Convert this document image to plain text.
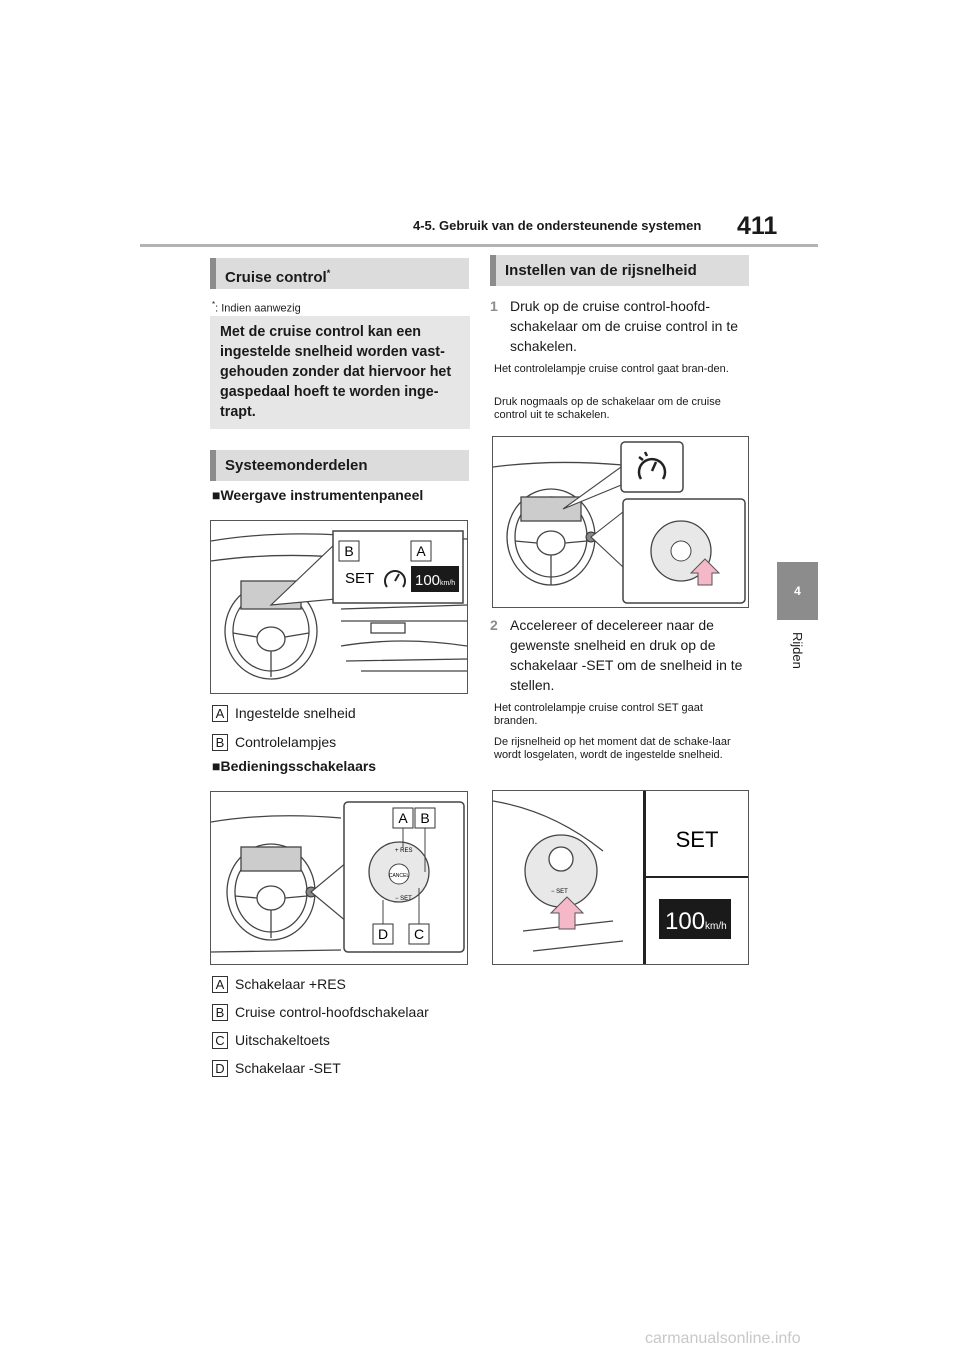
4-5. Gebruik van de ondersteunende systemen 411
4
Rijden
Cruise control*
*: Indien aanwezig
Met de cruise control kan een ingestelde snelheid worden vast-gehouden zonder dat hiervoor het gaspedaal hoeft te worden inge-trapt.
Systeemonderdelen
■Weergave instrumentenpaneel
B	A
SET	100 km/h
A Ingestelde snelheid
B Controlelampjes
■Bedieningsschakelaars
CANCEL
+ RES
− SET
A B
D C
A Schakelaar +RES
B Cruise control-hoofdschakelaar
C Uitschakeltoets
D Schakelaar -SET
Instellen van de rijsnelheid
1 Druk op de cruise control-hoofd-schakelaar om de cruise control in te schakelen.
Het controlelampje cruise control gaat bran-den.
Druk nogmaals op de schakelaar om de cruise control uit te schakelen.
2 Accelereer of decelereer naar de gewenste snelheid en druk op de schakelaar -SET om de snelheid in te stellen.
Het controlelampje cruise control SET gaat branden.
De rijsnelheid op het moment dat de schake-laar wordt losgelaten, wordt de ingestelde snelheid.
− SET
SET
100 km/h
carmanualsonline.info
